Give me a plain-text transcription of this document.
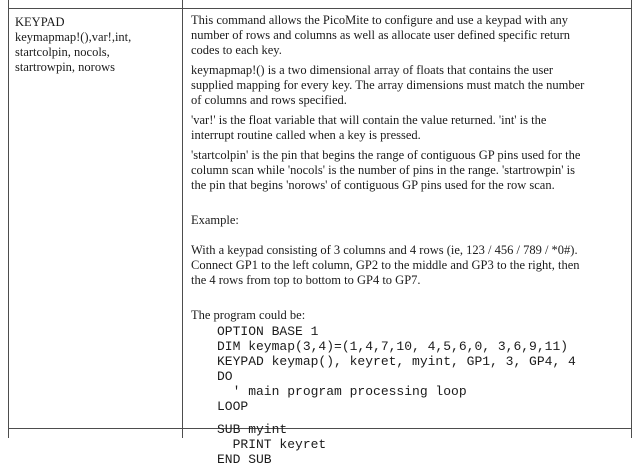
KEYPAD
keymapmap!(),var!,int,
startcolpin, nocols,
startrowpin, norows

This command allows the PicoMite to configure and use a keypad with any
number of rows and columns as well as allocate user defined specific return
codes to each key.

keymapmap!() is a two dimensional array of floats that contains the user
supplied mapping for every key. The array dimensions must match the number
of columns and rows specified.

'var!' is the float variable that will contain the value returned. 'int' is the
interrupt routine called when a key is pressed.

'startcolpin' is the pin that begins the range of contiguous GP pins used for the
column scan while 'nocols' is the number of pins in the range. 'startrowpin' is
the pin that begins 'norows' of contiguous GP pins used for the row scan.

Example:

With a keypad consisting of 3 columns and 4 rows (ie, 123 / 456 / 789 / *0#).
Connect GP1 to the left column, GP2 to the middle and GP3 to the right, then
the 4 rows from top to bottom to GP4 to GP7.

The program could be:

OPTION BASE 1
DIM keymap(3,4)=(1,4,7,10, 4,5,6,0, 3,6,9,11)
KEYPAD keymap(), keyret, myint, GP1, 3, GP4, 4
DO
' main program processing loop
LOOP
SUB myint
PRINT keyret
END SUB
